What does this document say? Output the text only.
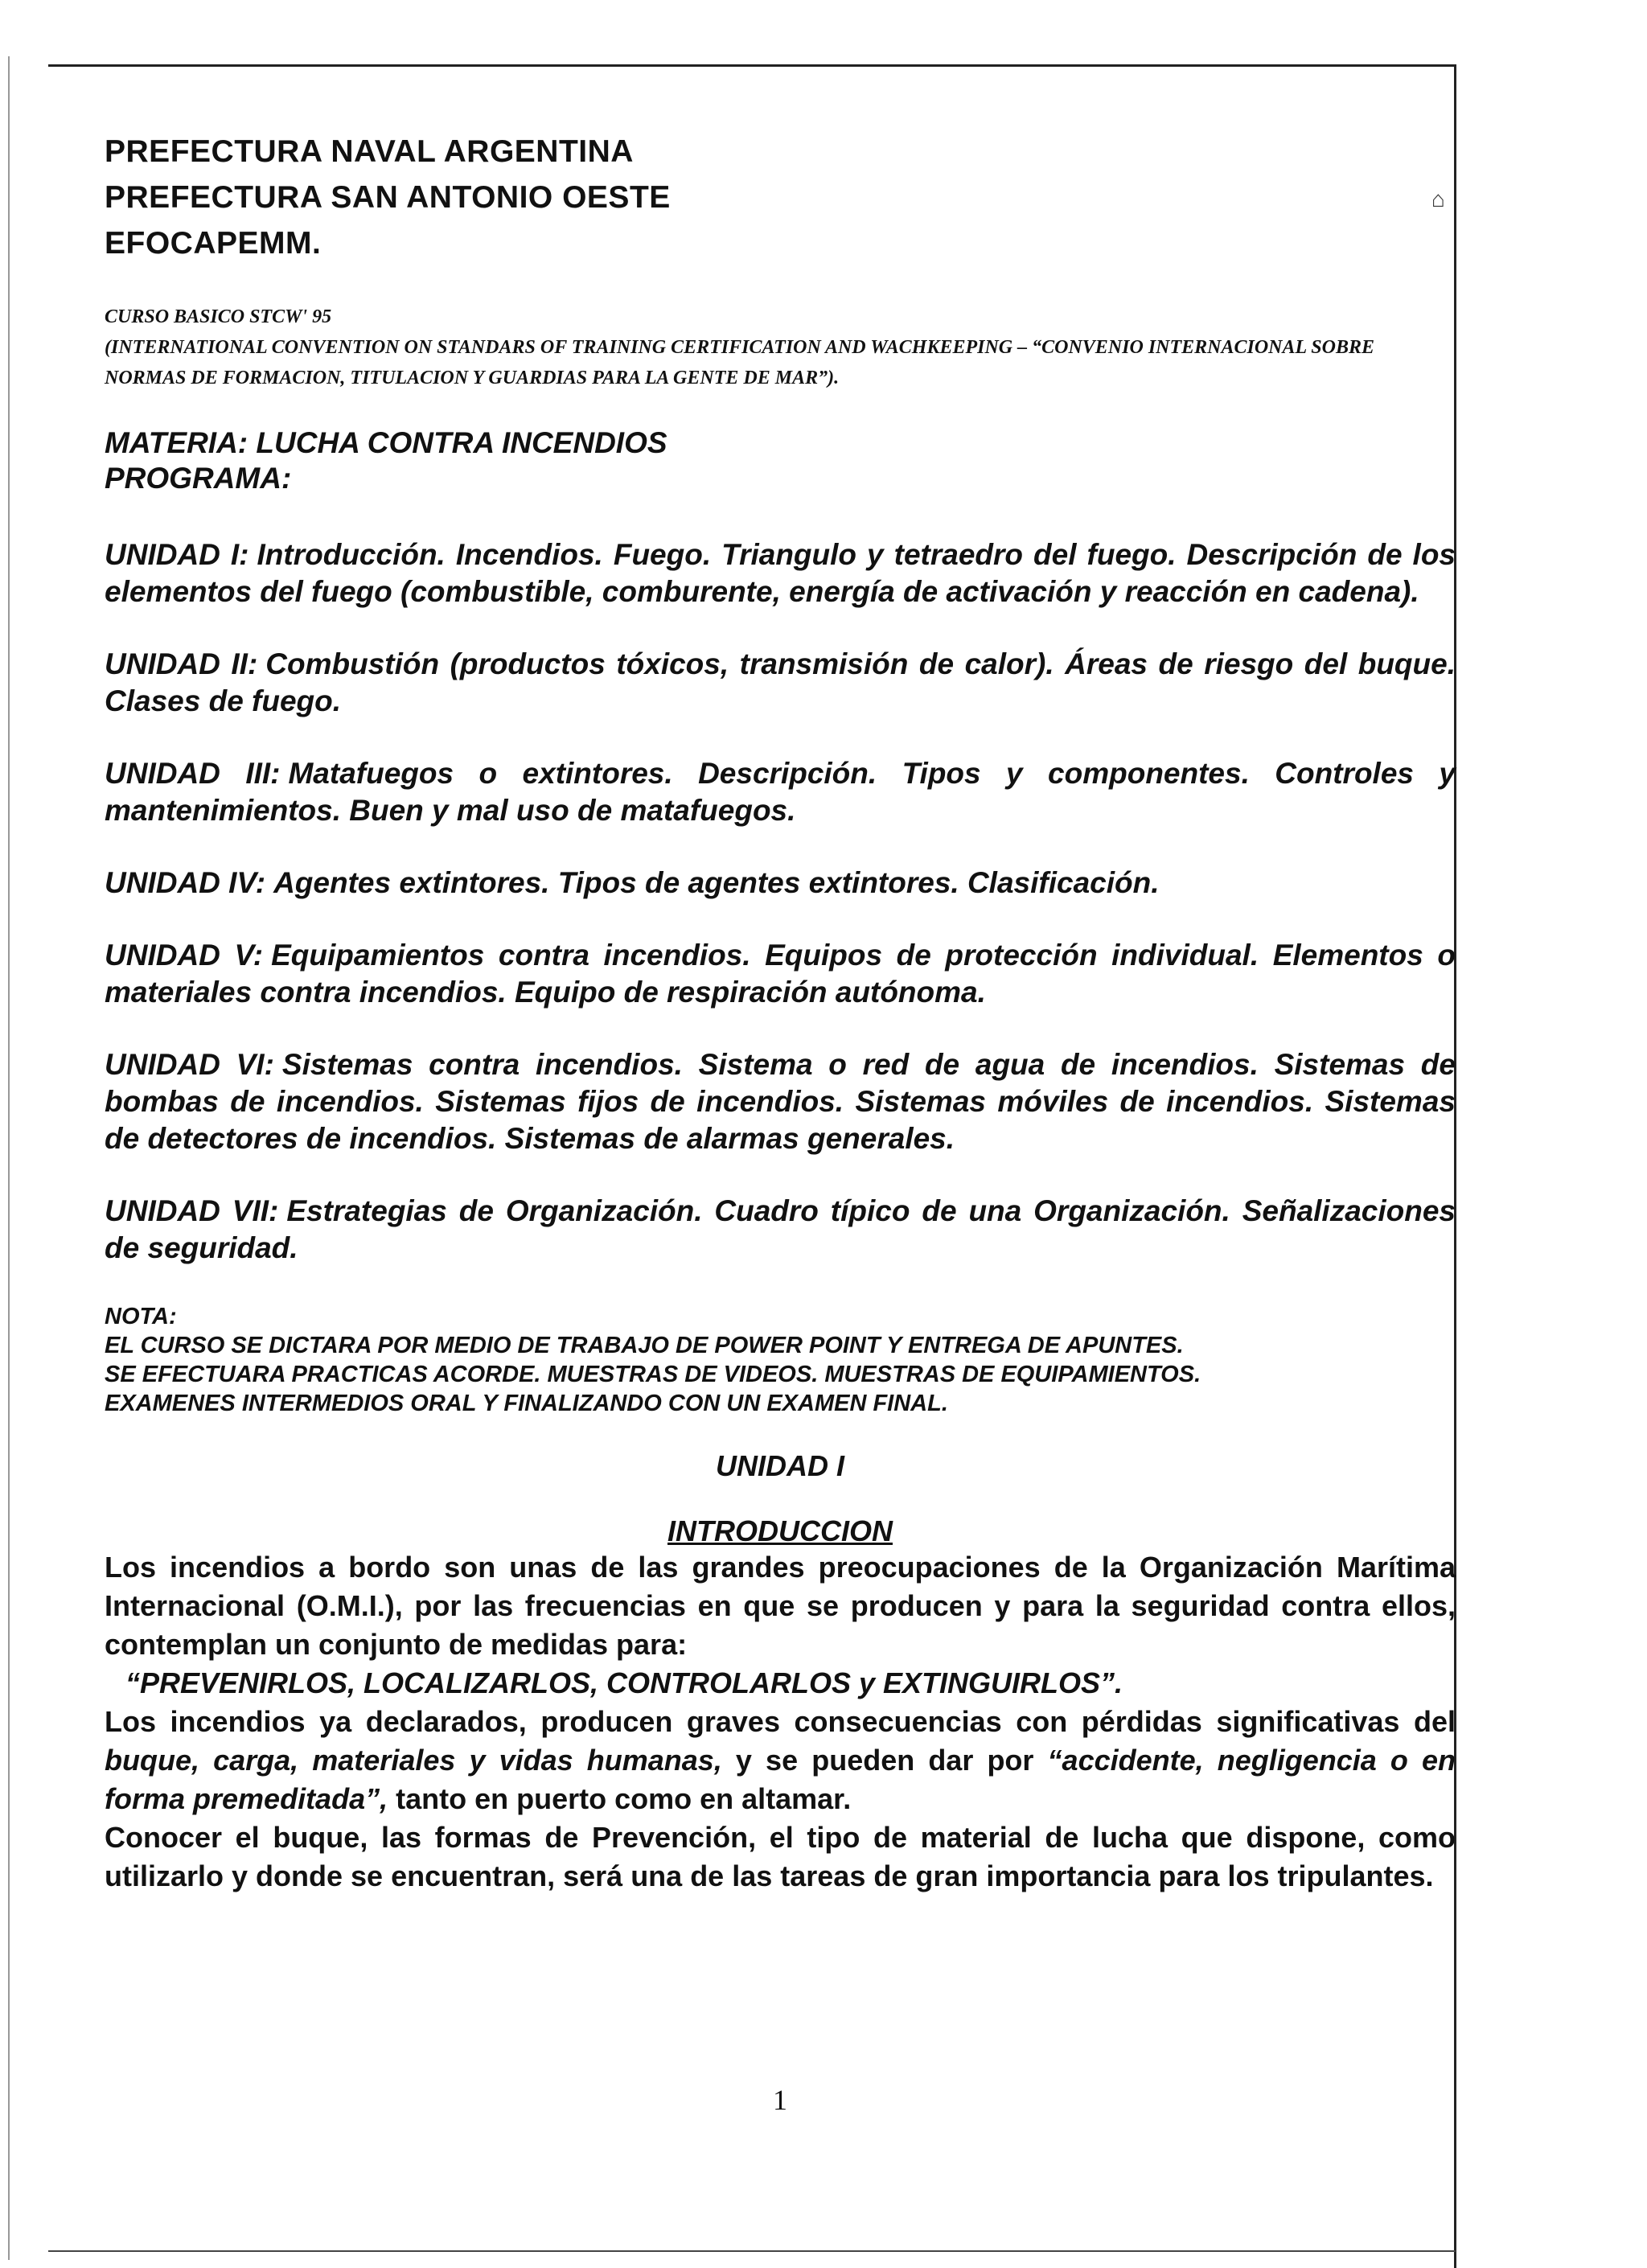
⌂
PREFECTURA NAVAL ARGENTINA
PREFECTURA SAN ANTONIO OESTE
EFOCAPEMM.
CURSO BASICO STCW' 95
(INTERNATIONAL CONVENTION ON STANDARS OF TRAINING CERTIFICATION AND WACHKEEPING – “CONVENIO INTERNACIONAL SOBRE NORMAS DE FORMACION, TITULACION Y GUARDIAS PARA LA GENTE DE MAR”).
MATERIA: LUCHA CONTRA INCENDIOS
PROGRAMA:
UNIDAD I: Introducción. Incendios. Fuego. Triangulo y tetraedro del fuego. Descripción de los elementos del fuego (combustible, comburente, energía de activación y reacción en cadena).
UNIDAD II: Combustión (productos tóxicos, transmisión de calor). Áreas de riesgo del buque. Clases de fuego.
UNIDAD III: Matafuegos o extintores. Descripción. Tipos y componentes. Controles y mantenimientos. Buen y mal uso de matafuegos.
UNIDAD IV: Agentes extintores. Tipos de agentes extintores. Clasificación.
UNIDAD V: Equipamientos contra incendios. Equipos de protección individual. Elementos o materiales contra incendios. Equipo de respiración autónoma.
UNIDAD VI: Sistemas contra incendios. Sistema o red de agua de incendios. Sistemas de bombas de incendios. Sistemas fijos de incendios. Sistemas móviles de incendios. Sistemas de detectores de incendios. Sistemas de alarmas generales.
UNIDAD VII: Estrategias de Organización. Cuadro típico de una Organización. Señalizaciones de seguridad.
NOTA:
EL CURSO SE DICTARA POR MEDIO DE TRABAJO DE POWER POINT Y ENTREGA DE APUNTES.
SE EFECTUARA PRACTICAS ACORDE. MUESTRAS DE VIDEOS. MUESTRAS DE EQUIPAMIENTOS.
EXAMENES INTERMEDIOS ORAL Y FINALIZANDO CON UN EXAMEN FINAL.
UNIDAD I
INTRODUCCION
Los incendios a bordo son unas de las grandes preocupaciones de la Organización Marítima Internacional (O.M.I.), por las frecuencias en que se producen y para la seguridad contra ellos, contemplan un conjunto de medidas para:
“PREVENIRLOS, LOCALIZARLOS, CONTROLARLOS y EXTINGUIRLOS”.
Los incendios ya declarados, producen graves consecuencias con pérdidas significativas del buque, carga, materiales y vidas humanas, y se pueden dar por “accidente, negligencia o en forma premeditada”, tanto en puerto como en altamar.
Conocer el buque, las formas de Prevención, el tipo de material de lucha que dispone, como utilizarlo y donde se encuentran, será una de las tareas de gran importancia para los tripulantes.
1
